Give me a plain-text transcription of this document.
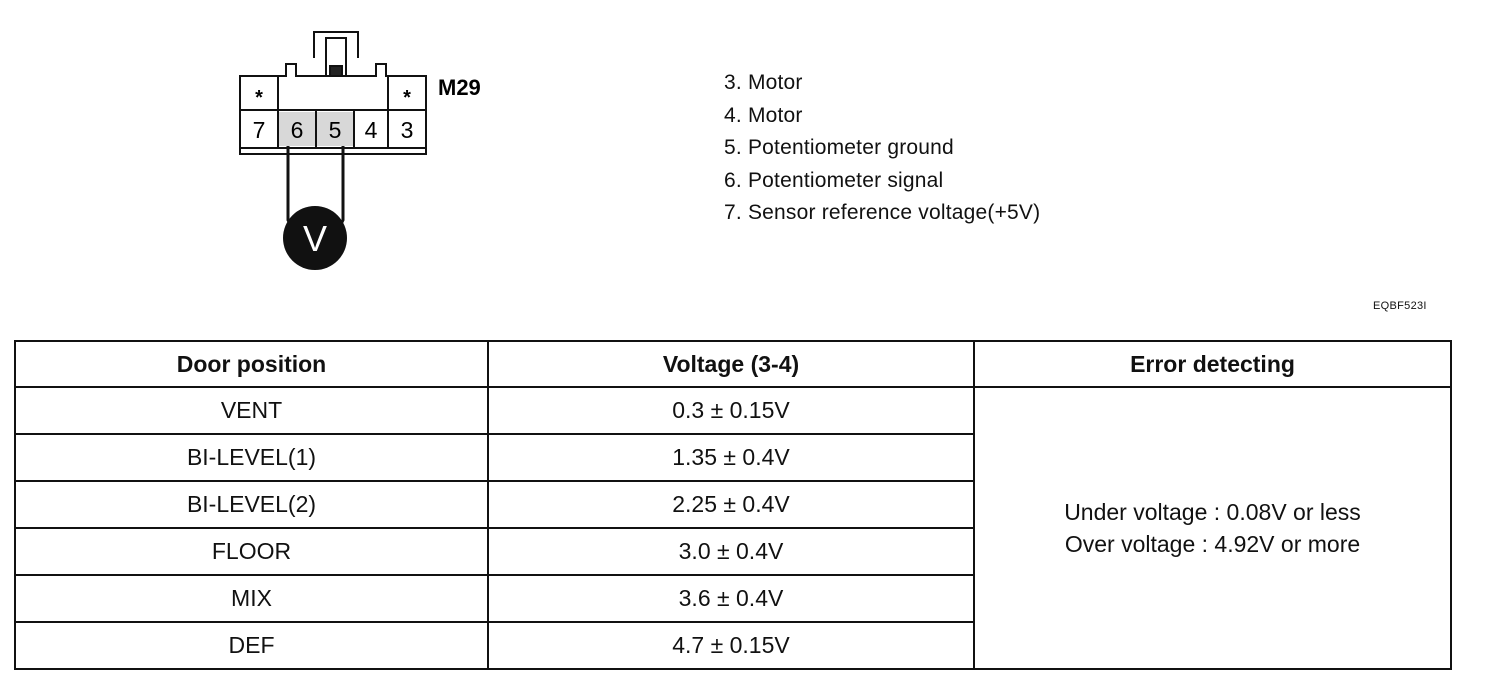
*	*
7 6 5 4 3
M29
V
3. Motor
4. Motor
5. Potentiometer ground
6. Potentiometer signal
7. Sensor reference voltage(+5V)
EQBF523I
Door position	Voltage (3-4)	Error detecting
VENT	0.3 ± 0.15V	Under voltage : 0.08V or less
Over voltage : 4.92V or more

BI-LEVEL(1)	1.35 ± 0.4V	
BI-LEVEL(2)	2.25 ± 0.4V	
FLOOR	3.0 ± 0.4V	
MIX	3.6 ± 0.4V	
DEF	4.7 ± 0.15V	
